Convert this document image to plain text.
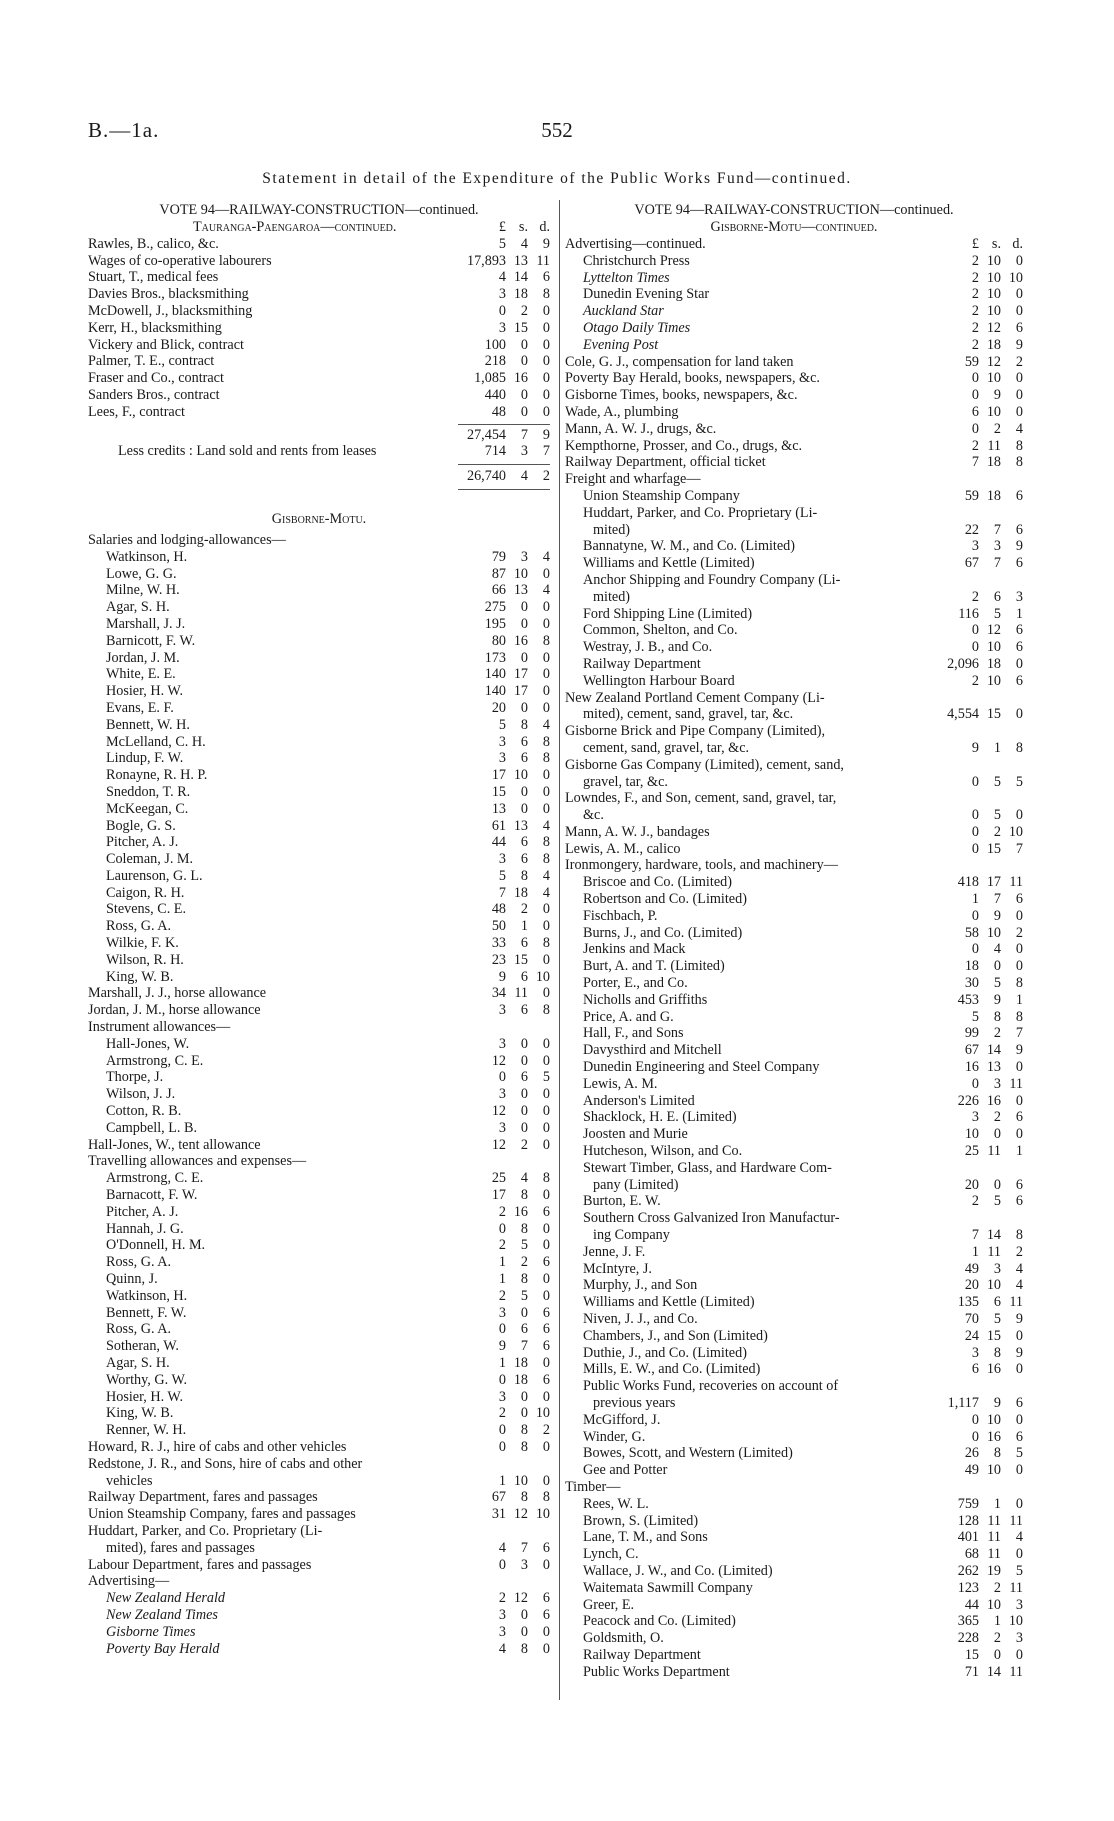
B.—1a.	552
Statement in detail of the Expenditure of the Public Works Fund—continued.
VOTE 94—RAILWAY-CONSTRUCTION—continued.
Tauranga-Paengaroa—continued.	£ s. d.
Rawles, B., calico, &c.	5	4	9
Wages of co-operative labourers	17,893 13 11
Stuart, T., medical fees	4 14	6
Davies Bros., blacksmithing	3 18	8
McDowell, J., blacksmithing	0	2	0
Kerr, H., blacksmithing	3 15	0
Vickery and Blick, contract	100	0	0
Palmer, T. E., contract	218	0	0
Fraser and Co., contract	1,085 16	0
Sanders Bros., contract	440	0	0
Lees, F., contract	48	0	0
27,454	7	9
Less credits : Land sold and rents from leases	714	3	7
26,740	4	2
Gisborne-Motu.
Salaries and lodging-allowances—
Watkinson, H.	79	3	4
Lowe, G. G.	87 10	0
Milne, W. H.	66 13	4
Agar, S. H.	275	0	0
Marshall, J. J.	195	0	0
Barnicott, F. W.	80 16	8
Jordan, J. M.	173	0	0
White, E. E.	140 17	0
Hosier, H. W.	140 17	0
Evans, E. F.	20	0	0
Bennett, W. H.	5	8	4
McLelland, C. H.	3	6	8
Lindup, F. W.	3	6	8
Ronayne, R. H. P.	17 10	0
Sneddon, T. R.	15	0	0
McKeegan, C.	13	0	0
Bogle, G. S.	61 13	4
Pitcher, A. J.	44	6	8
Coleman, J. M.	3	6	8
Laurenson, G. L.	5	8	4
Caigon, R. H.	7 18	4
Stevens, C. E.	48	2	0
Ross, G. A.	50	1	0
Wilkie, F. K.	33	6	8
Wilson, R. H.	23 15	0
King, W. B.	9	6 10
Marshall, J. J., horse allowance	34 11	0
Jordan, J. M., horse allowance	3	6	8
Instrument allowances—
Hall-Jones, W.	3	0	0
Armstrong, C. E.	12	0	0
Thorpe, J.	0	6	5
Wilson, J. J.	3	0	0
Cotton, R. B.	12	0	0
Campbell, L. B.	3	0	0
Hall-Jones, W., tent allowance	12	2	0
Travelling allowances and expenses—
Armstrong, C. E.	25	4	8
Barnacott, F. W.	17	8	0
Pitcher, A. J.	2 16	6
Hannah, J. G.	0	8	0
O'Donnell, H. M.	2	5	0
Ross, G. A.	1	2	6
Quinn, J.	1	8	0
Watkinson, H.	2	5	0
Bennett, F. W.	3	0	6
Ross, G. A.	0	6	6
Sotheran, W.	9	7	6
Agar, S. H.	1 18	0
Worthy, G. W.	0 18	6
Hosier, H. W.	3	0	0
King, W. B.	2	0 10
Renner, W. H.	0	8	2
Howard, R. J., hire of cabs and other vehicles	0	8	0
Redstone, J. R., and Sons, hire of cabs and other
vehicles	1 10	0
Railway Department, fares and passages	67	8	8
Union Steamship Company, fares and passages	31 12 10
Huddart, Parker, and Co. Proprietary (Li-
mited), fares and passages	4	7	6
Labour Department, fares and passages	0	3	0
Advertising—
New Zealand Herald	2 12	6
New Zealand Times	3	0	6
Gisborne Times	3	0	0
Poverty Bay Herald	4	8	0
VOTE 94—RAILWAY-CONSTRUCTION—continued.
Gisborne-Motu—continued.
Advertising—continued.	£ s. d.
Christchurch Press	2 10	0
Lyttelton Times	2 10 10
Dunedin Evening Star	2 10	0
Auckland Star	2 10	0
Otago Daily Times	2 12	6
Evening Post	2 18	9
Cole, G. J., compensation for land taken	59 12	2
Poverty Bay Herald, books, newspapers, &c.	0 10	0
Gisborne Times, books, newspapers, &c.	0	9	0
Wade, A., plumbing	6 10	0
Mann, A. W. J., drugs, &c.	0	2	4
Kempthorne, Prosser, and Co., drugs, &c.	2 11	8
Railway Department, official ticket	7 18	8
Freight and wharfage—
Union Steamship Company	59 18	6
Huddart, Parker, and Co. Proprietary (Li-
mited)	22	7	6
Bannatyne, W. M., and Co. (Limited)	3	3	9
Williams and Kettle (Limited)	67	7	6
Anchor Shipping and Foundry Company (Li-
mited)	2	6	3
Ford Shipping Line (Limited)	116	5	1
Common, Shelton, and Co.	0 12	6
Westray, J. B., and Co.	0 10	6
Railway Department	2,096 18	0
Wellington Harbour Board	2 10	6
New Zealand Portland Cement Company (Li-
mited), cement, sand, gravel, tar, &c.	4,554 15	0
Gisborne Brick and Pipe Company (Limited),
cement, sand, gravel, tar, &c.	9	1	8
Gisborne Gas Company (Limited), cement, sand,
gravel, tar, &c.	0	5	5
Lowndes, F., and Son, cement, sand, gravel, tar,
&c.	0	5	0
Mann, A. W. J., bandages	0	2 10
Lewis, A. M., calico	0 15	7
Ironmongery, hardware, tools, and machinery—
Briscoe and Co. (Limited)	418 17 11
Robertson and Co. (Limited)	1	7	6
Fischbach, P.	0	9	0
Burns, J., and Co. (Limited)	58 10	2
Jenkins and Mack	0	4	0
Burt, A. and T. (Limited)	18	0	0
Porter, E., and Co.	30	5	8
Nicholls and Griffiths	453	9	1
Price, A. and G.	5	8	8
Hall, F., and Sons	99	2	7
Davysthird and Mitchell	67 14	9
Dunedin Engineering and Steel Company	16 13	0
Lewis, A. M.	0	3 11
Anderson's Limited	226 16	0
Shacklock, H. E. (Limited)	3	2	6
Joosten and Murie	10	0	0
Hutcheson, Wilson, and Co.	25 11	1
Stewart Timber, Glass, and Hardware Com-
pany (Limited)	20	0	6
Burton, E. W.	2	5	6
Southern Cross Galvanized Iron Manufactur-
ing Company	7 14	8
Jenne, J. F.	1 11	2
McIntyre, J.	49	3	4
Murphy, J., and Son	20 10	4
Williams and Kettle (Limited)	135	6 11
Niven, J. J., and Co.	70	5	9
Chambers, J., and Son (Limited)	24 15	0
Duthie, J., and Co. (Limited)	3	8	9
Mills, E. W., and Co. (Limited)	6 16	0
Public Works Fund, recoveries on account of
previous years	1,117	9	6
McGifford, J.	0 10	0
Winder, G.	0 16	6
Bowes, Scott, and Western (Limited)	26	8	5
Gee and Potter	49 10	0
Timber—
Rees, W. L.	759	1	0
Brown, S. (Limited)	128 11 11
Lane, T. M., and Sons	401 11	4
Lynch, C.	68 11	0
Wallace, J. W., and Co. (Limited)	262 19	5
Waitemata Sawmill Company	123	2 11
Greer, E.	44 10	3
Peacock and Co. (Limited)	365	1 10
Goldsmith, O.	228	2	3
Railway Department	15	0	0
Public Works Department	71 14 11
